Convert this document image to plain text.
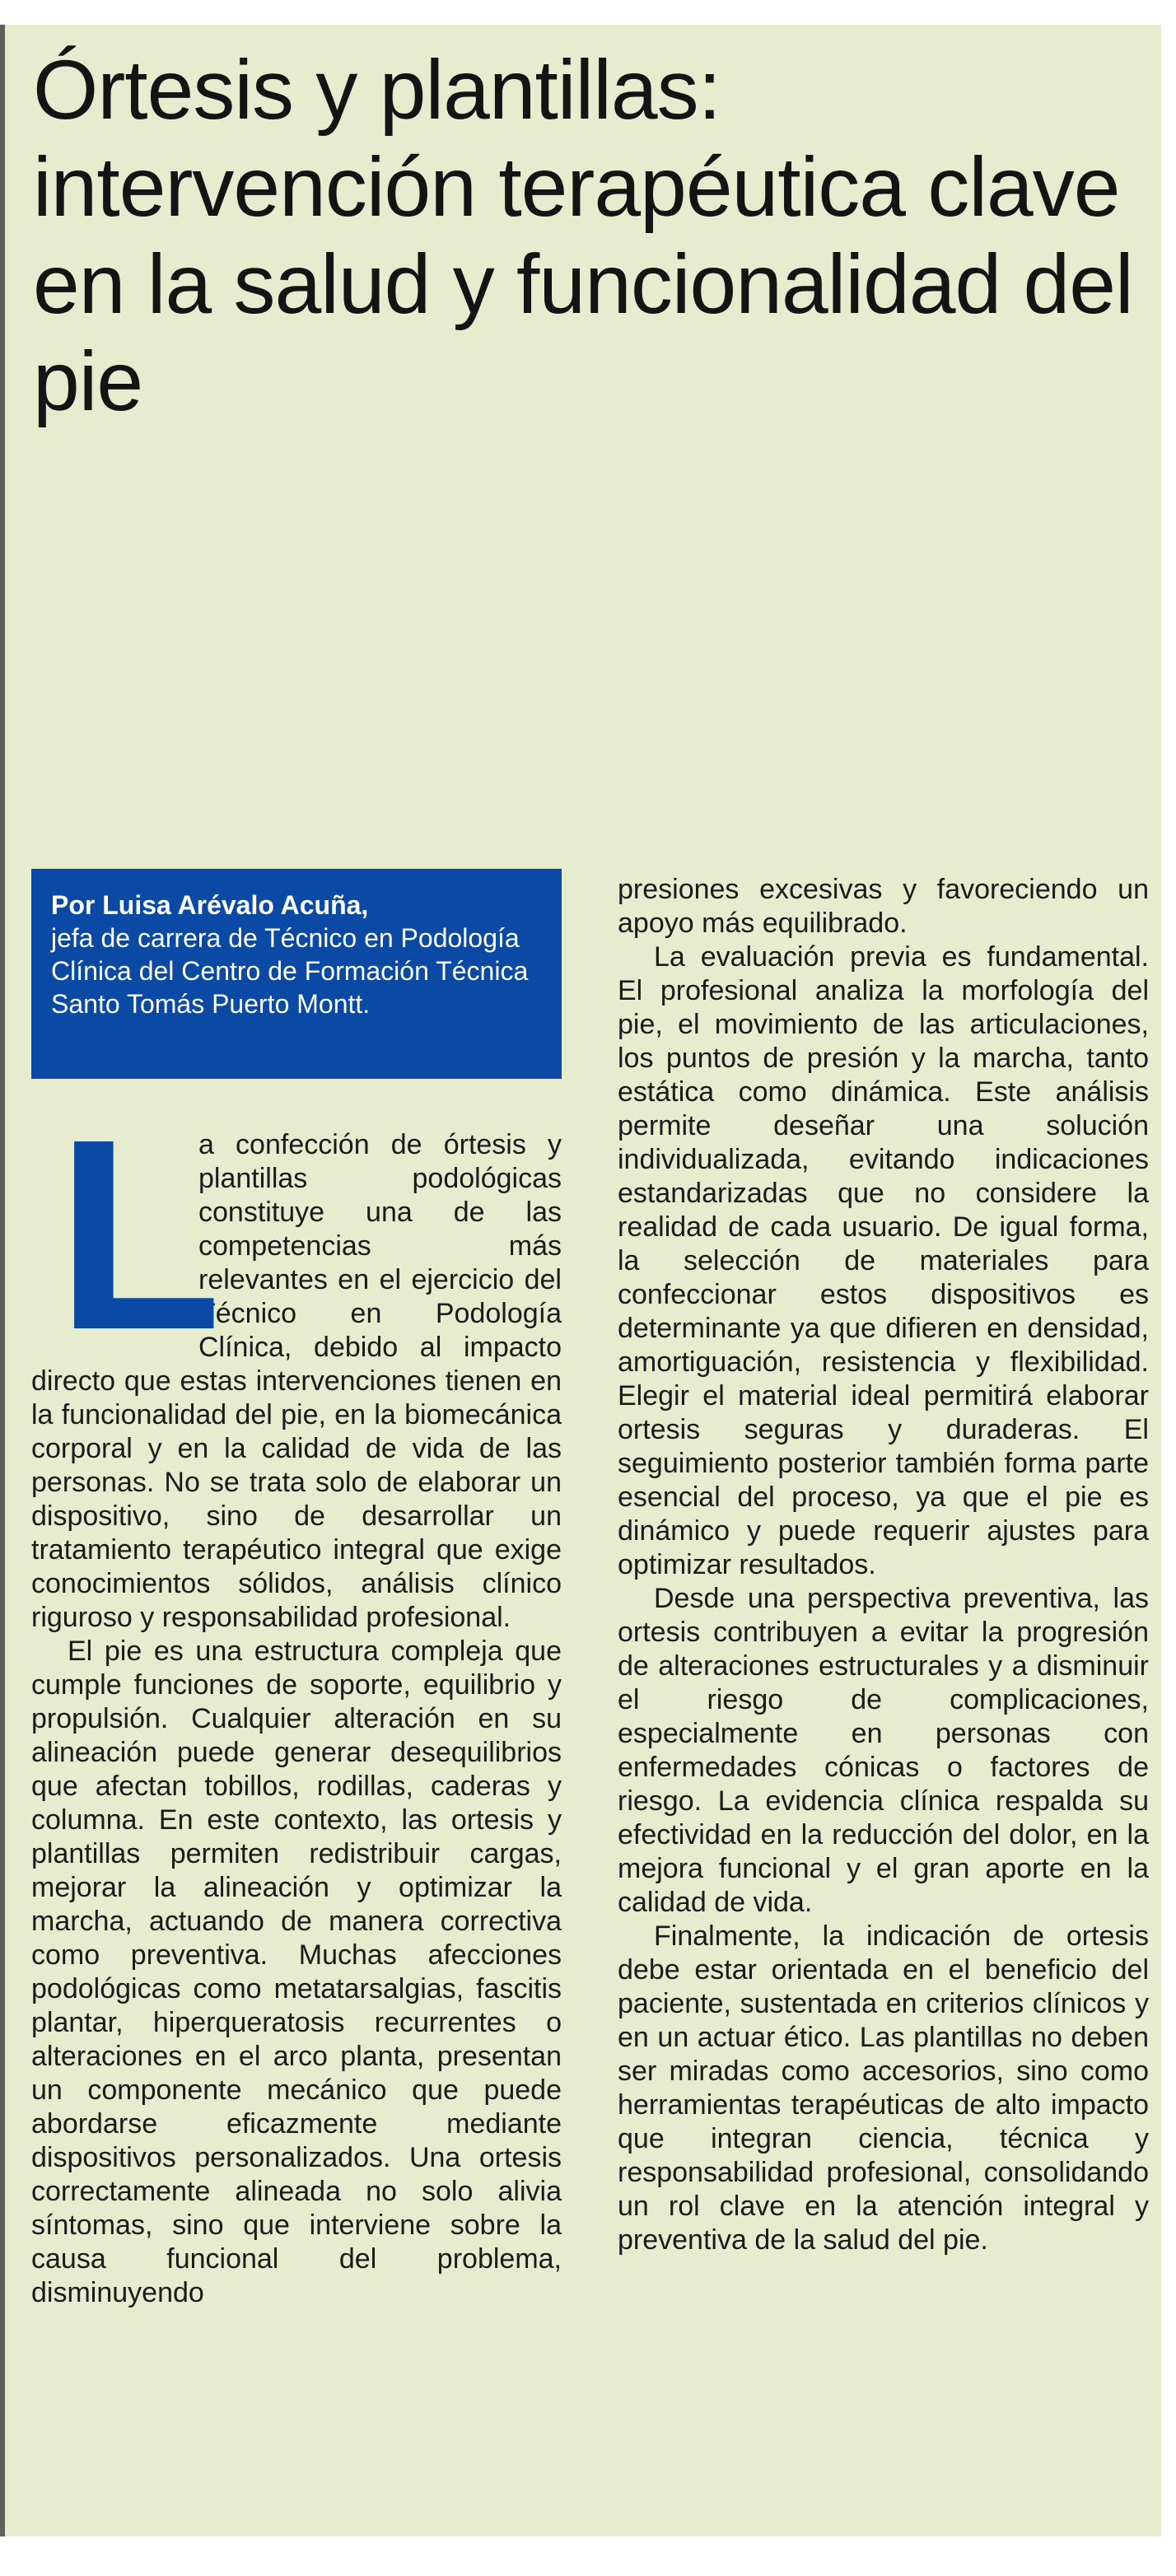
Órtesis y plantillas: intervención terapéutica clave en la salud y funcionalidad del pie
Por Luisa Arévalo Acuña,
jefa de carrera de Técnico en Podología Clínica del Centro de Formación Técnica Santo Tomás Puerto Montt.

L
a confección de órtesis y plantillas podológicas constituye una de las competencias más relevantes en el ejercicio del Técnico en Podología Clínica, debido al impacto directo que estas intervenciones tienen en la funcionalidad del pie, en la biomecánica corporal y en la calidad de vida de las personas. No se trata solo de elaborar un dispositivo, sino de desarrollar un tratamiento terapéutico integral que exige conocimientos sólidos, análisis clínico riguroso y responsabilidad profesional.

El pie es una estructura compleja que cumple funciones de soporte, equilibrio y propulsión. Cualquier alteración en su alineación puede generar desequilibrios que afectan tobillos, rodillas, caderas y columna. En este contexto, las ortesis y plantillas permiten redistribuir cargas, mejorar la alineación y optimizar la marcha, actuando de manera correctiva como preventiva. Muchas afecciones podológicas como metatarsalgias, fascitis plantar, hiperqueratosis recurrentes o alteraciones en el arco planta, presentan un componente mecánico que puede abordarse eficazmente mediante dispositivos personalizados. Una ortesis correctamente alineada no solo alivia síntomas, sino que interviene sobre la causa funcional del problema, disminuyendo

presiones excesivas y favoreciendo un apoyo más equilibrado.

La evaluación previa es fundamental. El profesional analiza la morfología del pie, el movimiento de las articulaciones, los puntos de presión y la marcha, tanto estática como dinámica. Este análisis permite deseñar una solución individualizada, evitando indicaciones estandarizadas que no considere la realidad de cada usuario. De igual forma, la selección de materiales para confeccionar estos dispositivos es determinante ya que difieren en densidad, amortiguación, resistencia y flexibilidad. Elegir el material ideal permitirá elaborar ortesis seguras y duraderas. El seguimiento posterior también forma parte esencial del proceso, ya que el pie es dinámico y puede requerir ajustes para optimizar resultados.

Desde una perspectiva preventiva, las ortesis contribuyen a evitar la progresión de alteraciones estructurales y a disminuir el riesgo de complicaciones, especialmente en personas con enfermedades cónicas o factores de riesgo. La evidencia clínica respalda su efectividad en la reducción del dolor, en la mejora funcional y el gran aporte en la calidad de vida.

Finalmente, la indicación de ortesis debe estar orientada en el beneficio del paciente, sustentada en criterios clínicos y en un actuar ético. Las plantillas no deben ser miradas como accesorios, sino como herramientas terapéuticas de alto impacto que integran ciencia, técnica y responsabilidad profesional, consolidando un rol clave en la atención integral y preventiva de la salud del pie.
